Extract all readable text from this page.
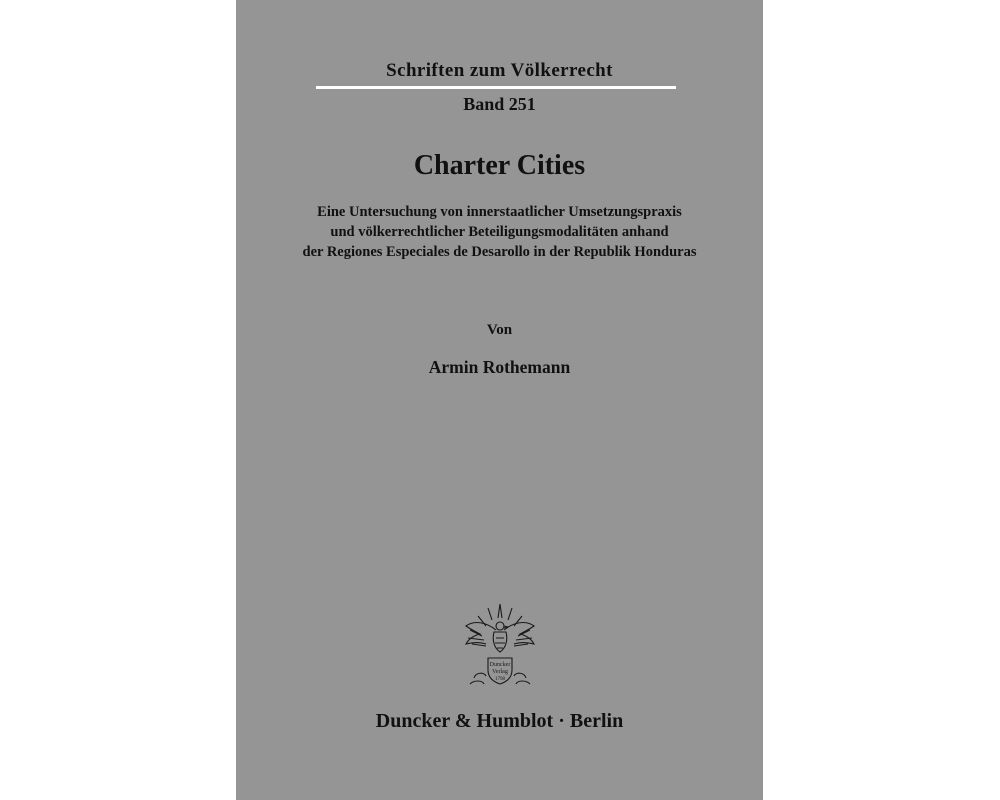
Schriften zum Völkerrecht
Band 251
Charter Cities
Eine Untersuchung von innerstaatlicher Umsetzungspraxis
und völkerrechtlicher Beteiligungsmodalitäten anhand
der Regiones Especiales de Desarollo in der Republik Honduras
Von
Armin Rothemann
Duncker
Verlag
1798
Duncker & Humblot · Berlin
